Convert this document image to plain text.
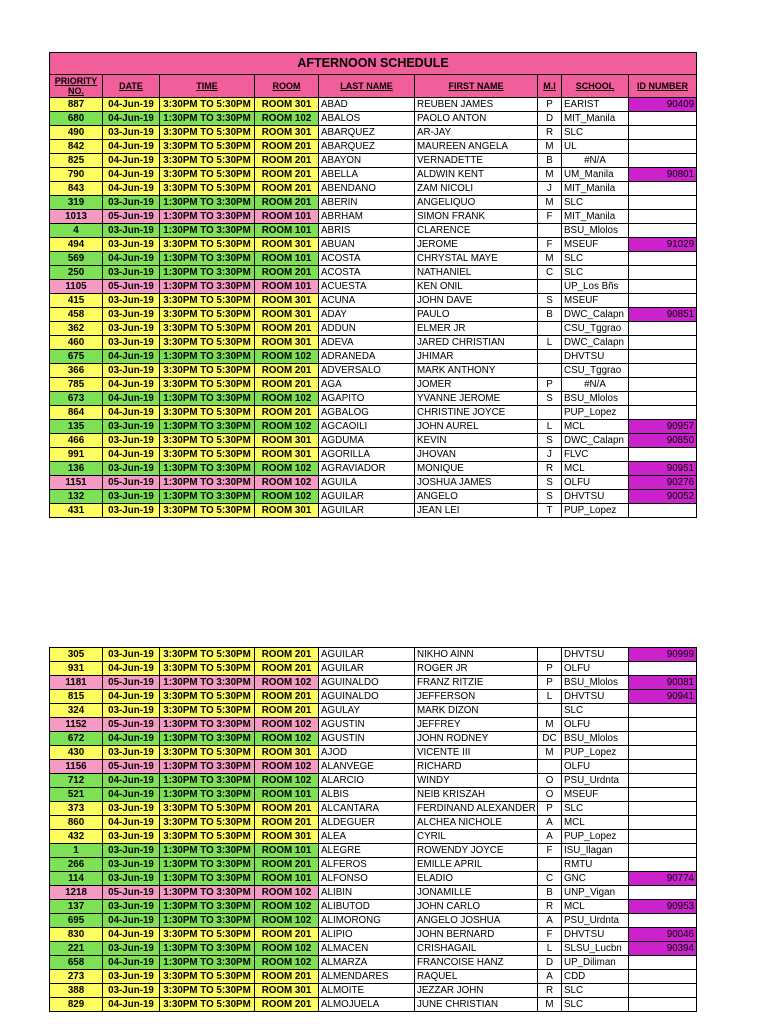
AFTERNOON SCHEDULE								
PRIORITY NO.	DATE	TIME	ROOM	LAST NAME	FIRST NAME	M.I	SCHOOL	ID NUMBER
887	04-Jun-19	3:30PM TO 5:30PM	ROOM 301	ABAD	REUBEN JAMES	P	EARIST	90409
680	04-Jun-19	1:30PM TO 3:30PM	ROOM 102	ABALOS	PAOLO ANTON	D	MIT_Manila	
490	03-Jun-19	3:30PM TO 5:30PM	ROOM 301	ABARQUEZ	AR-JAY	R	SLC	
842	04-Jun-19	3:30PM TO 5:30PM	ROOM 201	ABARQUEZ	MAUREEN ANGELA	M	UL	
825	04-Jun-19	3:30PM TO 5:30PM	ROOM 201	ABAYON	VERNADETTE	B	#N/A	
790	04-Jun-19	3:30PM TO 5:30PM	ROOM 201	ABELLA	ALDWIN KENT	M	UM_Manila	90801
843	04-Jun-19	3:30PM TO 5:30PM	ROOM 201	ABENDANO	ZAM NICOLI	J	MIT_Manila	
319	03-Jun-19	1:30PM TO 3:30PM	ROOM 201	ABERIN	ANGELIQUO	M	SLC	
1013	05-Jun-19	1:30PM TO 3:30PM	ROOM 101	ABRHAM	SIMON FRANK	F	MIT_Manila	
4	03-Jun-19	1:30PM TO 3:30PM	ROOM 101	ABRIS	CLARENCE		BSU_Mlolos	
494	03-Jun-19	3:30PM TO 5:30PM	ROOM 301	ABUAN	JEROME	F	MSEUF	91029
569	04-Jun-19	1:30PM TO 3:30PM	ROOM 101	ACOSTA	CHRYSTAL MAYE	M	SLC	
250	03-Jun-19	1:30PM TO 3:30PM	ROOM 201	ACOSTA	NATHANIEL	C	SLC	
1105	05-Jun-19	1:30PM TO 3:30PM	ROOM 101	ACUESTA	KEN ONIL		UP_Los Bñs	
415	03-Jun-19	3:30PM TO 5:30PM	ROOM 301	ACUNA	JOHN DAVE	S	MSEUF	
458	03-Jun-19	3:30PM TO 5:30PM	ROOM 301	ADAY	PAULO	B	DWC_Calapn	90851
362	03-Jun-19	3:30PM TO 5:30PM	ROOM 201	ADDUN	ELMER JR		CSU_Tggrao	
460	03-Jun-19	3:30PM TO 5:30PM	ROOM 301	ADEVA	JARED CHRISTIAN	L	DWC_Calapn	
675	04-Jun-19	1:30PM TO 3:30PM	ROOM 102	ADRANEDA	JHIMAR		DHVTSU	
366	03-Jun-19	3:30PM TO 5:30PM	ROOM 201	ADVERSALO	MARK ANTHONY		CSU_Tggrao	
785	04-Jun-19	3:30PM TO 5:30PM	ROOM 201	AGA	JOMER	P	#N/A	
673	04-Jun-19	1:30PM TO 3:30PM	ROOM 102	AGAPITO	YVANNE JEROME	S	BSU_Mlolos	
864	04-Jun-19	3:30PM TO 5:30PM	ROOM 201	AGBALOG	CHRISTINE JOYCE		PUP_Lopez	
135	03-Jun-19	1:30PM TO 3:30PM	ROOM 102	AGCAOILI	JOHN AUREL	L	MCL	90957
466	03-Jun-19	3:30PM TO 5:30PM	ROOM 301	AGDUMA	KEVIN	S	DWC_Calapn	90850
991	04-Jun-19	3:30PM TO 5:30PM	ROOM 301	AGORILLA	JHOVAN	J	FLVC	
136	03-Jun-19	1:30PM TO 3:30PM	ROOM 102	AGRAVIADOR	MONIQUE	R	MCL	90951
1151	05-Jun-19	1:30PM TO 3:30PM	ROOM 102	AGUILA	JOSHUA JAMES	S	OLFU	90276
132	03-Jun-19	1:30PM TO 3:30PM	ROOM 102	AGUILAR	ANGELO	S	DHVTSU	90052
431	03-Jun-19	3:30PM TO 5:30PM	ROOM 301	AGUILAR	JEAN LEI	T	PUP_Lopez	
305	03-Jun-19	3:30PM TO 5:30PM	ROOM 201	AGUILAR	NIKHO AINN		DHVTSU	90999
931	04-Jun-19	3:30PM TO 5:30PM	ROOM 201	AGUILAR	ROGER JR	P	OLFU	
1181	05-Jun-19	1:30PM TO 3:30PM	ROOM 102	AGUINALDO	FRANZ RITZIE	P	BSU_Mlolos	90081
815	04-Jun-19	3:30PM TO 5:30PM	ROOM 201	AGUINALDO	JEFFERSON	L	DHVTSU	90941
324	03-Jun-19	3:30PM TO 5:30PM	ROOM 201	AGULAY	MARK DIZON		SLC	
1152	05-Jun-19	1:30PM TO 3:30PM	ROOM 102	AGUSTIN	JEFFREY	M	OLFU	
672	04-Jun-19	1:30PM TO 3:30PM	ROOM 102	AGUSTIN	JOHN RODNEY	DC	BSU_Mlolos	
430	03-Jun-19	3:30PM TO 5:30PM	ROOM 301	AJOD	VICENTE III	M	PUP_Lopez	
1156	05-Jun-19	1:30PM TO 3:30PM	ROOM 102	ALANVEGE	RICHARD		OLFU	
712	04-Jun-19	1:30PM TO 3:30PM	ROOM 102	ALARCIO	WINDY	O	PSU_Urdnta	
521	04-Jun-19	1:30PM TO 3:30PM	ROOM 101	ALBIS	NEIB KRISZAH	O	MSEUF	
373	03-Jun-19	3:30PM TO 5:30PM	ROOM 201	ALCANTARA	FERDINAND ALEXANDER	P	SLC	
860	04-Jun-19	3:30PM TO 5:30PM	ROOM 201	ALDEGUER	ALCHEA NICHOLE	A	MCL	
432	03-Jun-19	3:30PM TO 5:30PM	ROOM 301	ALEA	CYRIL	A	PUP_Lopez	
1	03-Jun-19	1:30PM TO 3:30PM	ROOM 101	ALEGRE	ROWENDY JOYCE	F	ISU_Ilagan	
266	03-Jun-19	1:30PM TO 3:30PM	ROOM 201	ALFEROS	EMILLE APRIL		RMTU	
114	03-Jun-19	1:30PM TO 3:30PM	ROOM 101	ALFONSO	ELADIO	C	GNC	90774
1218	05-Jun-19	1:30PM TO 3:30PM	ROOM 102	ALIBIN	JONAMILLE	B	UNP_Vigan	
137	03-Jun-19	1:30PM TO 3:30PM	ROOM 102	ALIBUTOD	JOHN CARLO	R	MCL	90953
695	04-Jun-19	1:30PM TO 3:30PM	ROOM 102	ALIMORONG	ANGELO JOSHUA	A	PSU_Urdnta	
830	04-Jun-19	3:30PM TO 5:30PM	ROOM 201	ALIPIO	JOHN BERNARD	F	DHVTSU	90046
221	03-Jun-19	1:30PM TO 3:30PM	ROOM 102	ALMACEN	CRISHAGAIL	L	SLSU_Lucbn	90394
658	04-Jun-19	1:30PM TO 3:30PM	ROOM 102	ALMARZA	FRANCOISE HANZ	D	UP_Diliman	
273	03-Jun-19	3:30PM TO 5:30PM	ROOM 201	ALMENDARES	RAQUEL	A	CDD	
388	03-Jun-19	3:30PM TO 5:30PM	ROOM 301	ALMOITE	JEZZAR JOHN	R	SLC	
829	04-Jun-19	3:30PM TO 5:30PM	ROOM 201	ALMOJUELA	JUNE CHRISTIAN	M	SLC	
